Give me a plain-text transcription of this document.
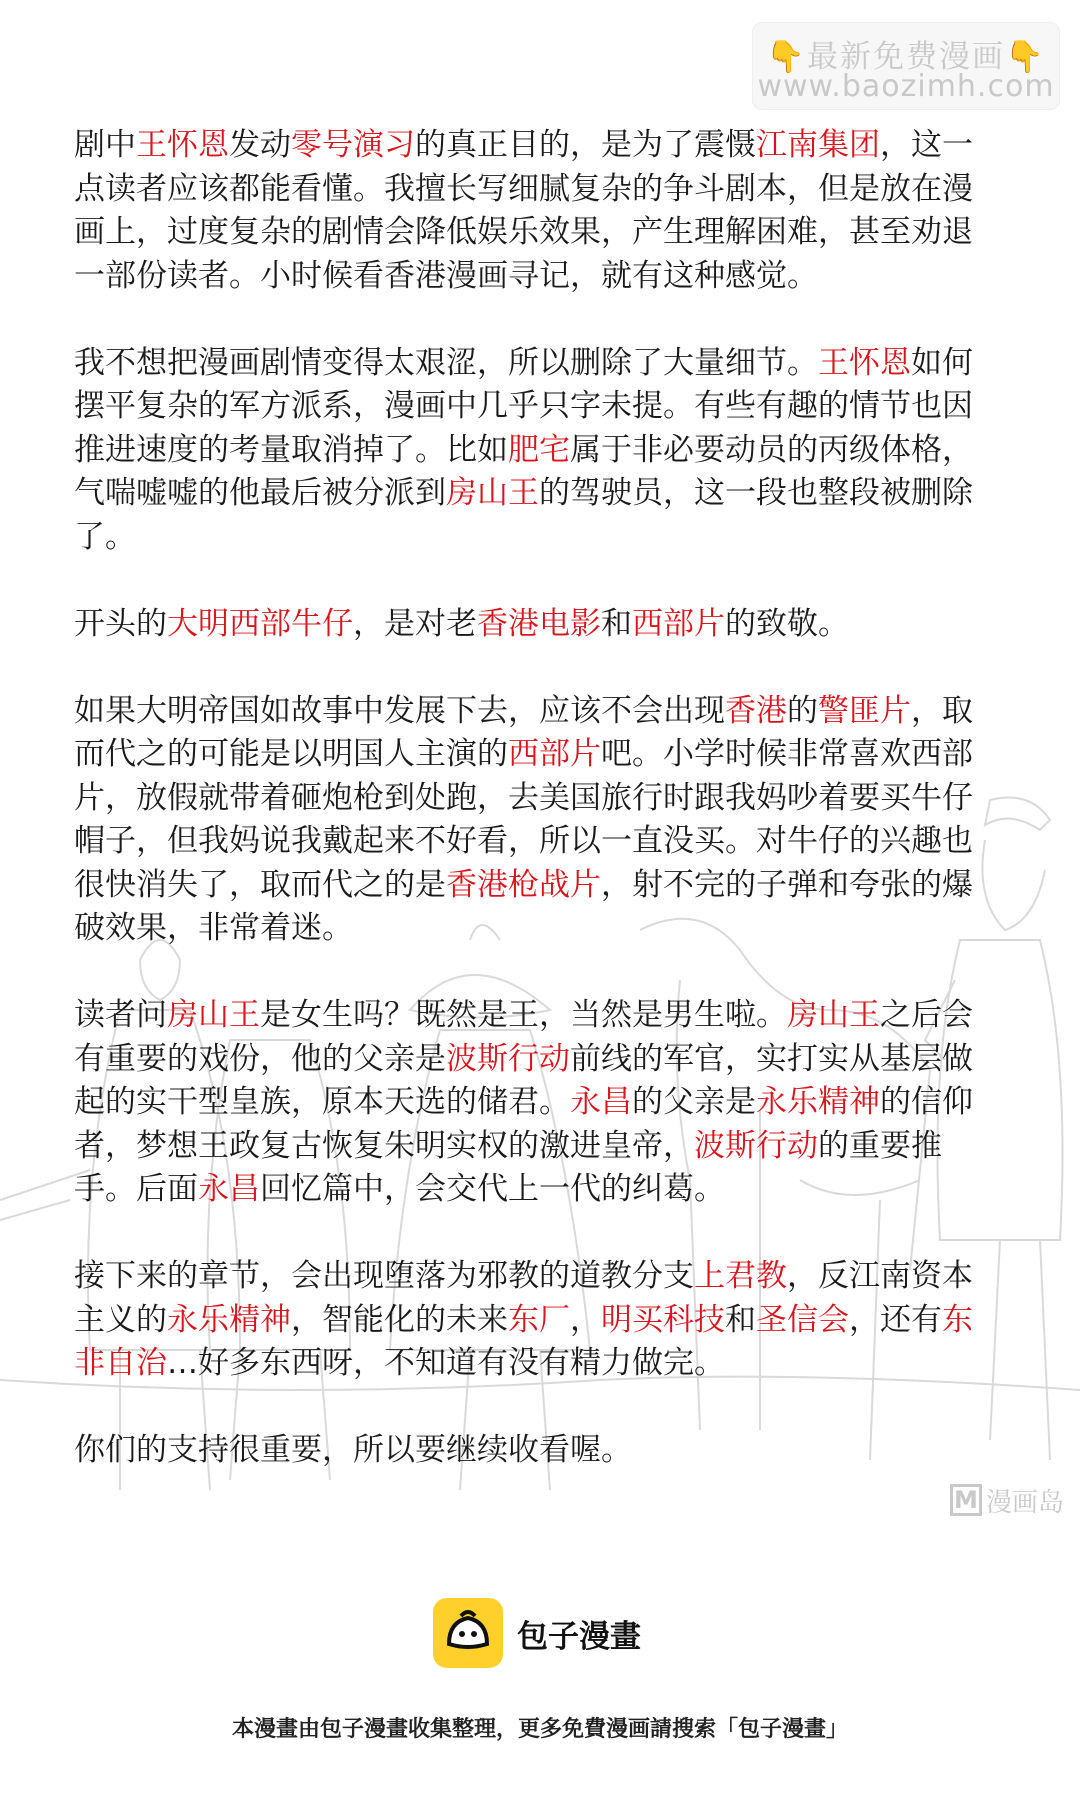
👇最新免费漫画👇
www.baozimh.com

剧中王怀恩发动零号演习的真正目的，是为了震慑江南集团，这一点读者应该都能看懂。我擅长写细腻复杂的争斗剧本，但是放在漫画上，过度复杂的剧情会降低娱乐效果，产生理解困难，甚至劝退一部份读者。小时候看香港漫画寻记，就有这种感觉。

我不想把漫画剧情变得太艰涩，所以删除了大量细节。王怀恩如何摆平复杂的军方派系，漫画中几乎只字未提。有些有趣的情节也因推进速度的考量取消掉了。比如肥宅属于非必要动员的丙级体格，气喘嘘嘘的他最后被分派到房山王的驾驶员，这一段也整段被删除了。

开头的大明西部牛仔，是对老香港电影和西部片的致敬。

如果大明帝国如故事中发展下去，应该不会出现香港的警匪片，取而代之的可能是以明国人主演的西部片吧。小学时候非常喜欢西部片，放假就带着砸炮枪到处跑，去美国旅行时跟我妈吵着要买牛仔帽子，但我妈说我戴起来不好看，所以一直没买。对牛仔的兴趣也很快消失了，取而代之的是香港枪战片，射不完的子弹和夸张的爆破效果，非常着迷。

读者问房山王是女生吗？既然是王，当然是男生啦。房山王之后会有重要的戏份，他的父亲是波斯行动前线的军官，实打实从基层做起的实干型皇族，原本天选的储君。永昌的父亲是永乐精神的信仰者，梦想王政复古恢复朱明实权的激进皇帝，波斯行动的重要推手。后面永昌回忆篇中，会交代上一代的纠葛。

接下来的章节，会出现堕落为邪教的道教分支上君教，反江南资本主义的永乐精神，智能化的未来东厂，明买科技和圣信会，还有东非自治…好多东西呀，不知道有没有精力做完。

你们的支持很重要，所以要继续收看喔。

M 漫画岛
包子漫畫
本漫畫由包子漫畫收集整理，更多免費漫画請搜索「包子漫畫」
